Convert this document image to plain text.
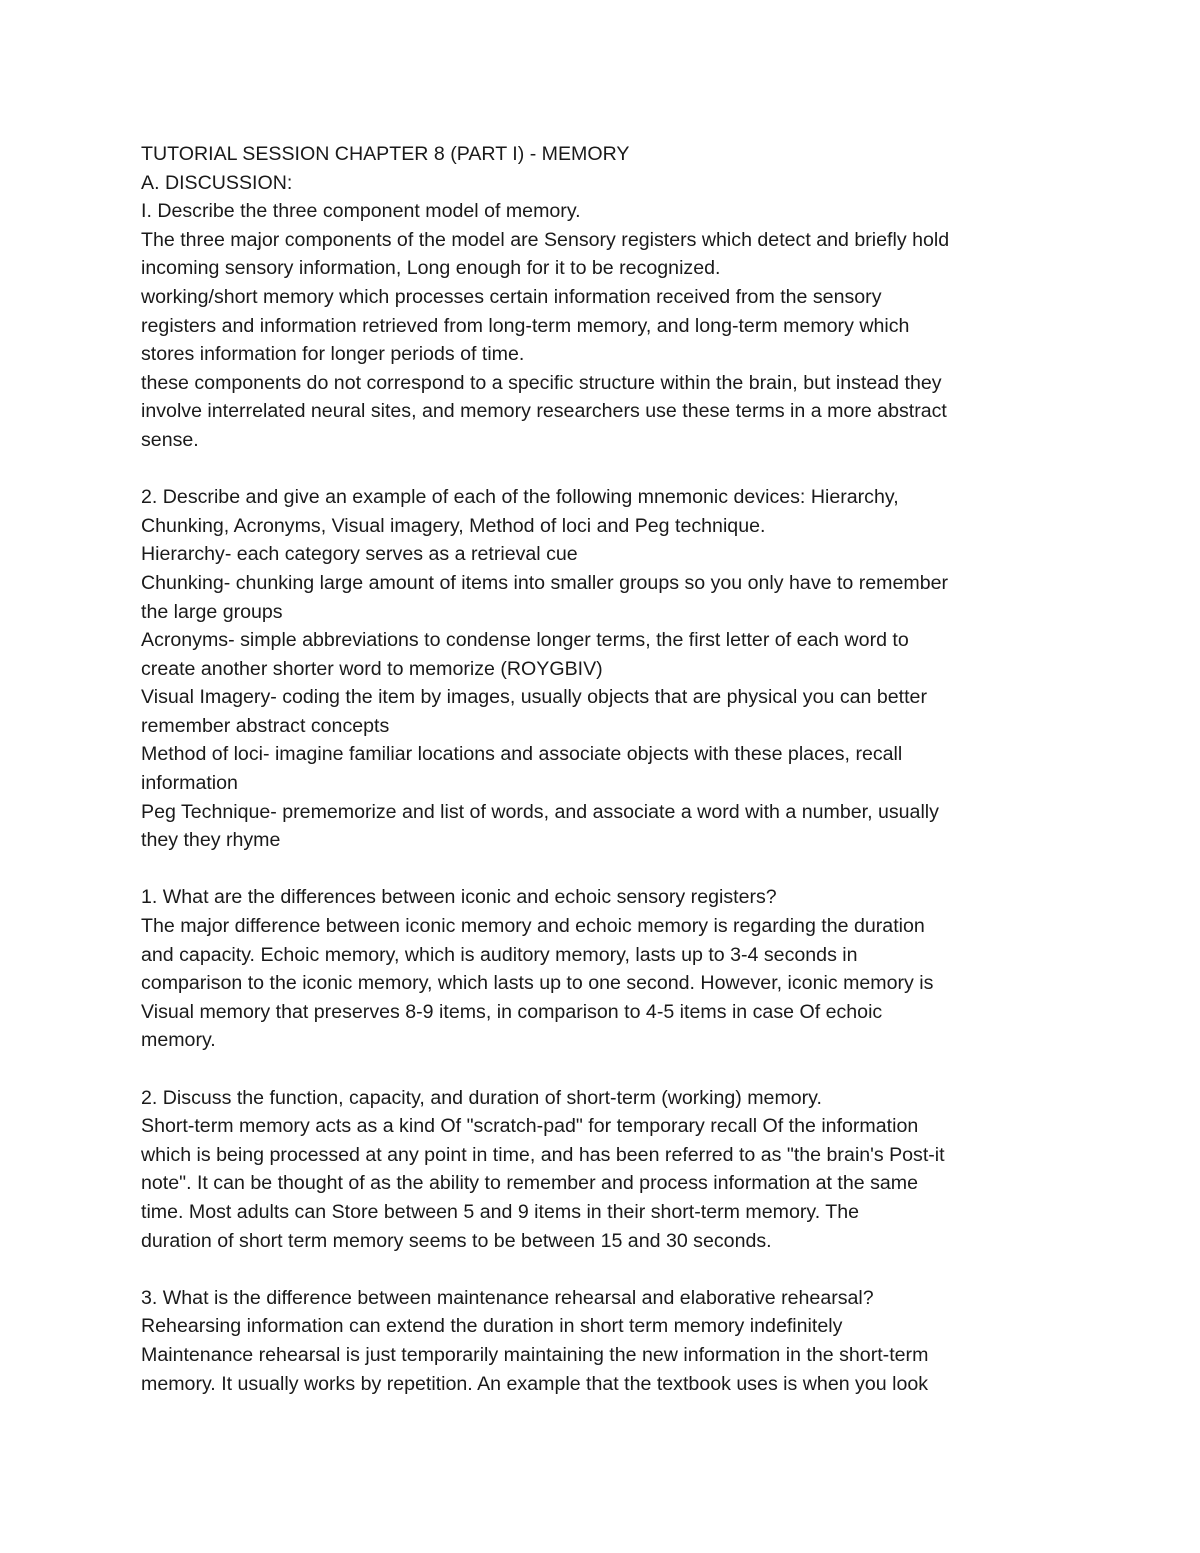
TUTORIAL SESSION CHAPTER 8 (PART I) - MEMORY
A. DISCUSSION:
I. Describe the three component model of memory.
The three major components of the model are Sensory registers which detect and briefly hold
incoming sensory information, Long enough for it to be recognized.
working/short memory which processes certain information received from the sensory
registers and information retrieved from long-term memory, and long-term memory which
stores information for longer periods of time.
these components do not correspond to a specific structure within the brain, but instead they
involve interrelated neural sites, and memory researchers use these terms in a more abstract
sense.
2. Describe and give an example of each of the following mnemonic devices: Hierarchy,
Chunking, Acronyms, Visual imagery, Method of loci and Peg technique.
Hierarchy- each category serves as a retrieval cue
Chunking- chunking large amount of items into smaller groups so you only have to remember
the large groups
Acronyms- simple abbreviations to condense longer terms, the first letter of each word to
create another shorter word to memorize (ROYGBIV)
Visual Imagery- coding the item by images, usually objects that are physical you can better
remember abstract concepts
Method of loci- imagine familiar locations and associate objects with these places, recall
information
Peg Technique- prememorize and list of words, and associate a word with a number, usually
they they rhyme
1. What are the differences between iconic and echoic sensory registers?
The major difference between iconic memory and echoic memory is regarding the duration
and capacity. Echoic memory, which is auditory memory, lasts up to 3-4 seconds in
comparison to the iconic memory, which lasts up to one second. However, iconic memory is
Visual memory that preserves 8-9 items, in comparison to 4-5 items in case Of echoic
memory.
2. Discuss the function, capacity, and duration of short-term (working) memory.
Short-term memory acts as a kind Of "scratch-pad" for temporary recall Of the information
which is being processed at any point in time, and has been referred to as "the brain's Post-it
note". It can be thought of as the ability to remember and process information at the same
time. Most adults can Store between 5 and 9 items in their short-term memory. The
duration of short term memory seems to be between 15 and 30 seconds.
3. What is the difference between maintenance rehearsal and elaborative rehearsal?
Rehearsing information can extend the duration in short term memory indefinitely
Maintenance rehearsal is just temporarily maintaining the new information in the short-term
memory. It usually works by repetition. An example that the textbook uses is when you look
